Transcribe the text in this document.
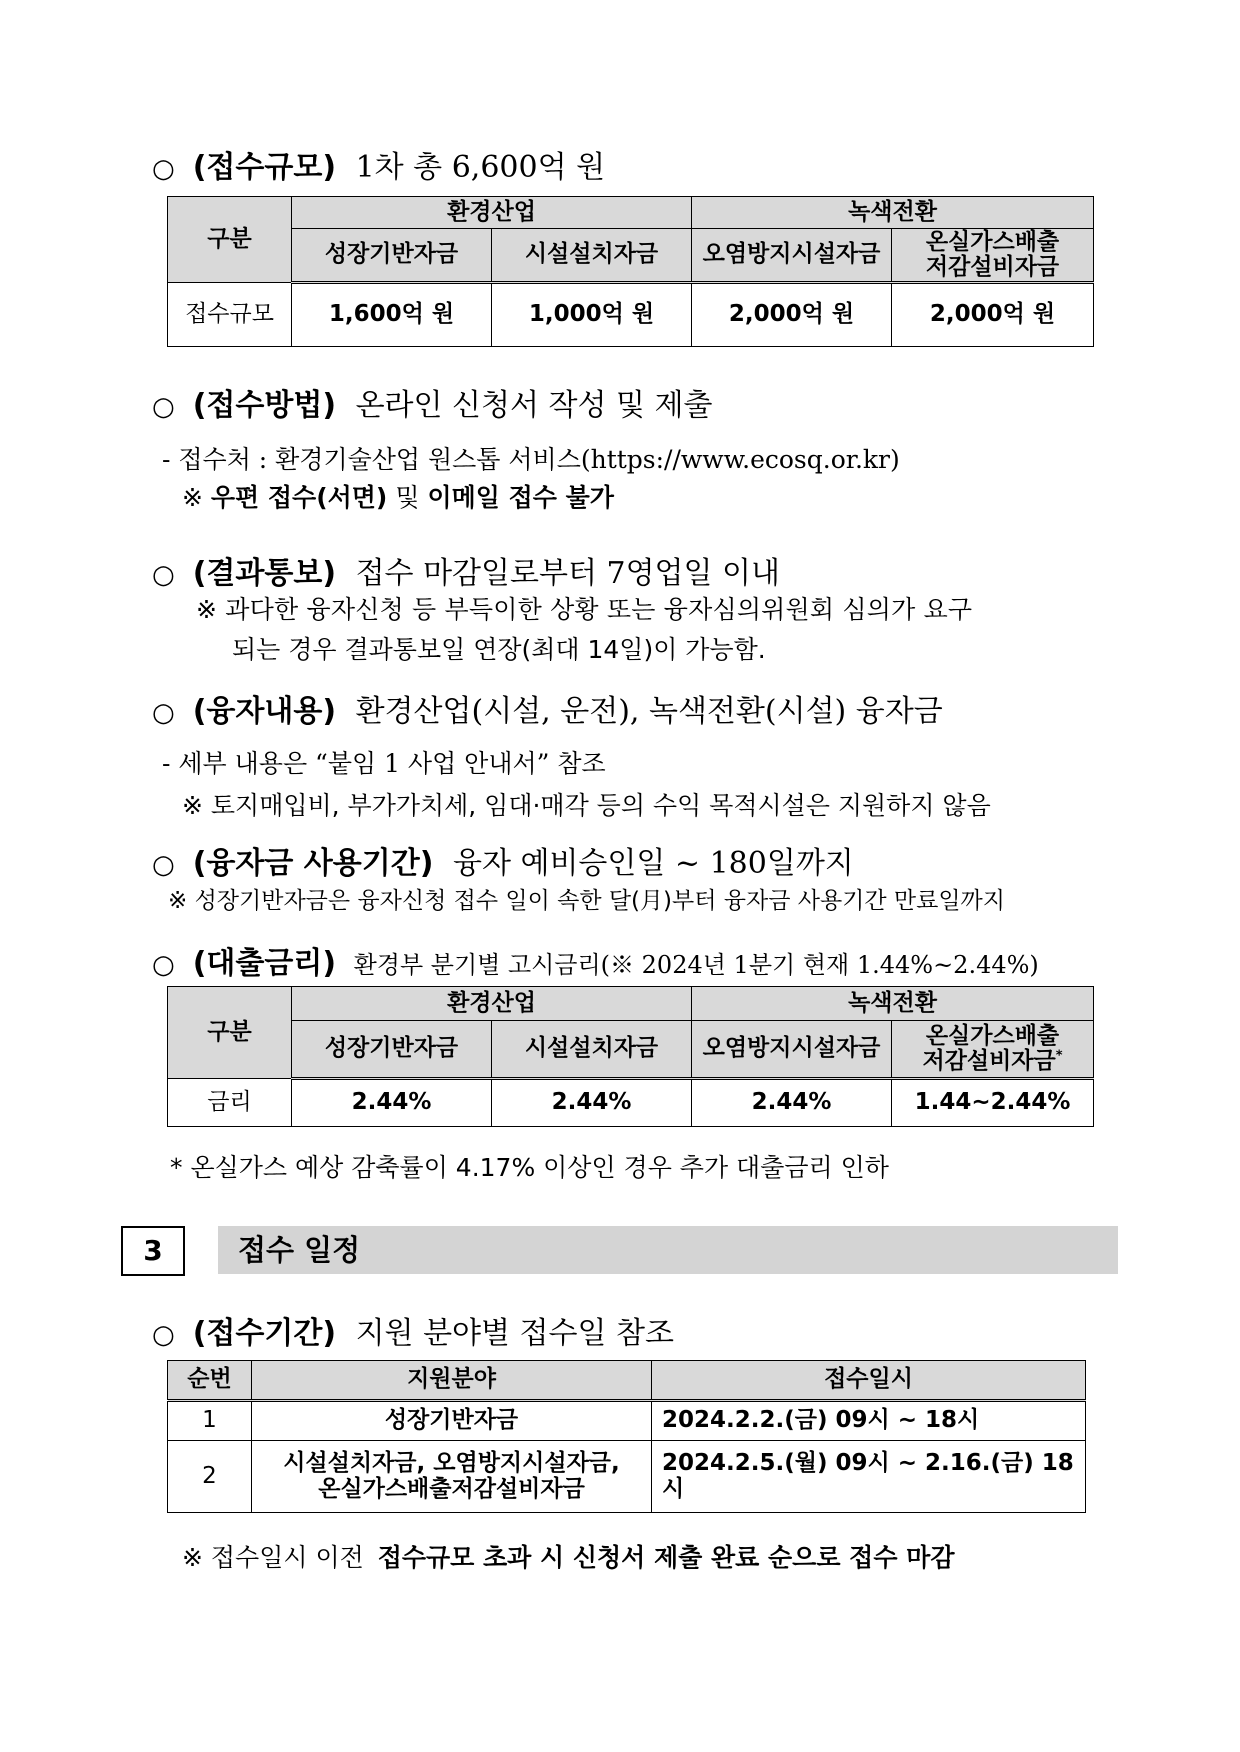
○ (접수규모) 1차 총 6,600억 원
구분	환경산업		녹색전환	
	성장기반자금	시설설치자금	오염방지시설자금	온실가스배출
저감설비자금

접수규모	1,600억 원	1,000억 원	2,000억 원	2,000억 원
○ (접수방법) 온라인 신청서 작성 및 제출
- 접수처 : 환경기술산업 원스톱 서비스(https://www.ecosq.or.kr)
※ 우편 접수(서면) 및 이메일 접수 불가
○ (결과통보) 접수 마감일로부터 7영업일 이내
※ 과다한 융자신청 등 부득이한 상황 또는 융자심의위원회 심의가 요구
되는 경우 결과통보일 연장(최대 14일)이 가능함.
○ (융자내용) 환경산업(시설, 운전), 녹색전환(시설) 융자금
- 세부 내용은 “붙임 1 사업 안내서” 참조
※ 토지매입비, 부가가치세, 임대·매각 등의 수익 목적시설은 지원하지 않음
○ (융자금 사용기간) 융자 예비승인일 ~ 180일까지
※ 성장기반자금은 융자신청 접수 일이 속한 달(月)부터 융자금 사용기간 만료일까지
○ (대출금리) 환경부 분기별 고시금리(※ 2024년 1분기 현재 1.44%~2.44%)
구분	환경산업		녹색전환	
	성장기반자금	시설설치자금	오염방지시설자금	온실가스배출
저감설비자금*

금리	2.44%	2.44%	2.44%	1.44~2.44%
* 온실가스 예상 감축률이 4.17% 이상인 경우 추가 대출금리 인하
3	접수 일정
○ (접수기간) 지원 분야별 접수일 참조
순번	지원분야	접수일시
1	성장기반자금	2024.2.2.(금) 09시 ~ 18시
2	시설설치자금, 오염방지시설자금,
온실가스배출저감설비자금	2024.2.5.(월) 09시 ~ 2.16.(금) 18시
※ 접수일시 이전 접수규모 초과 시 신청서 제출 완료 순으로 접수 마감
